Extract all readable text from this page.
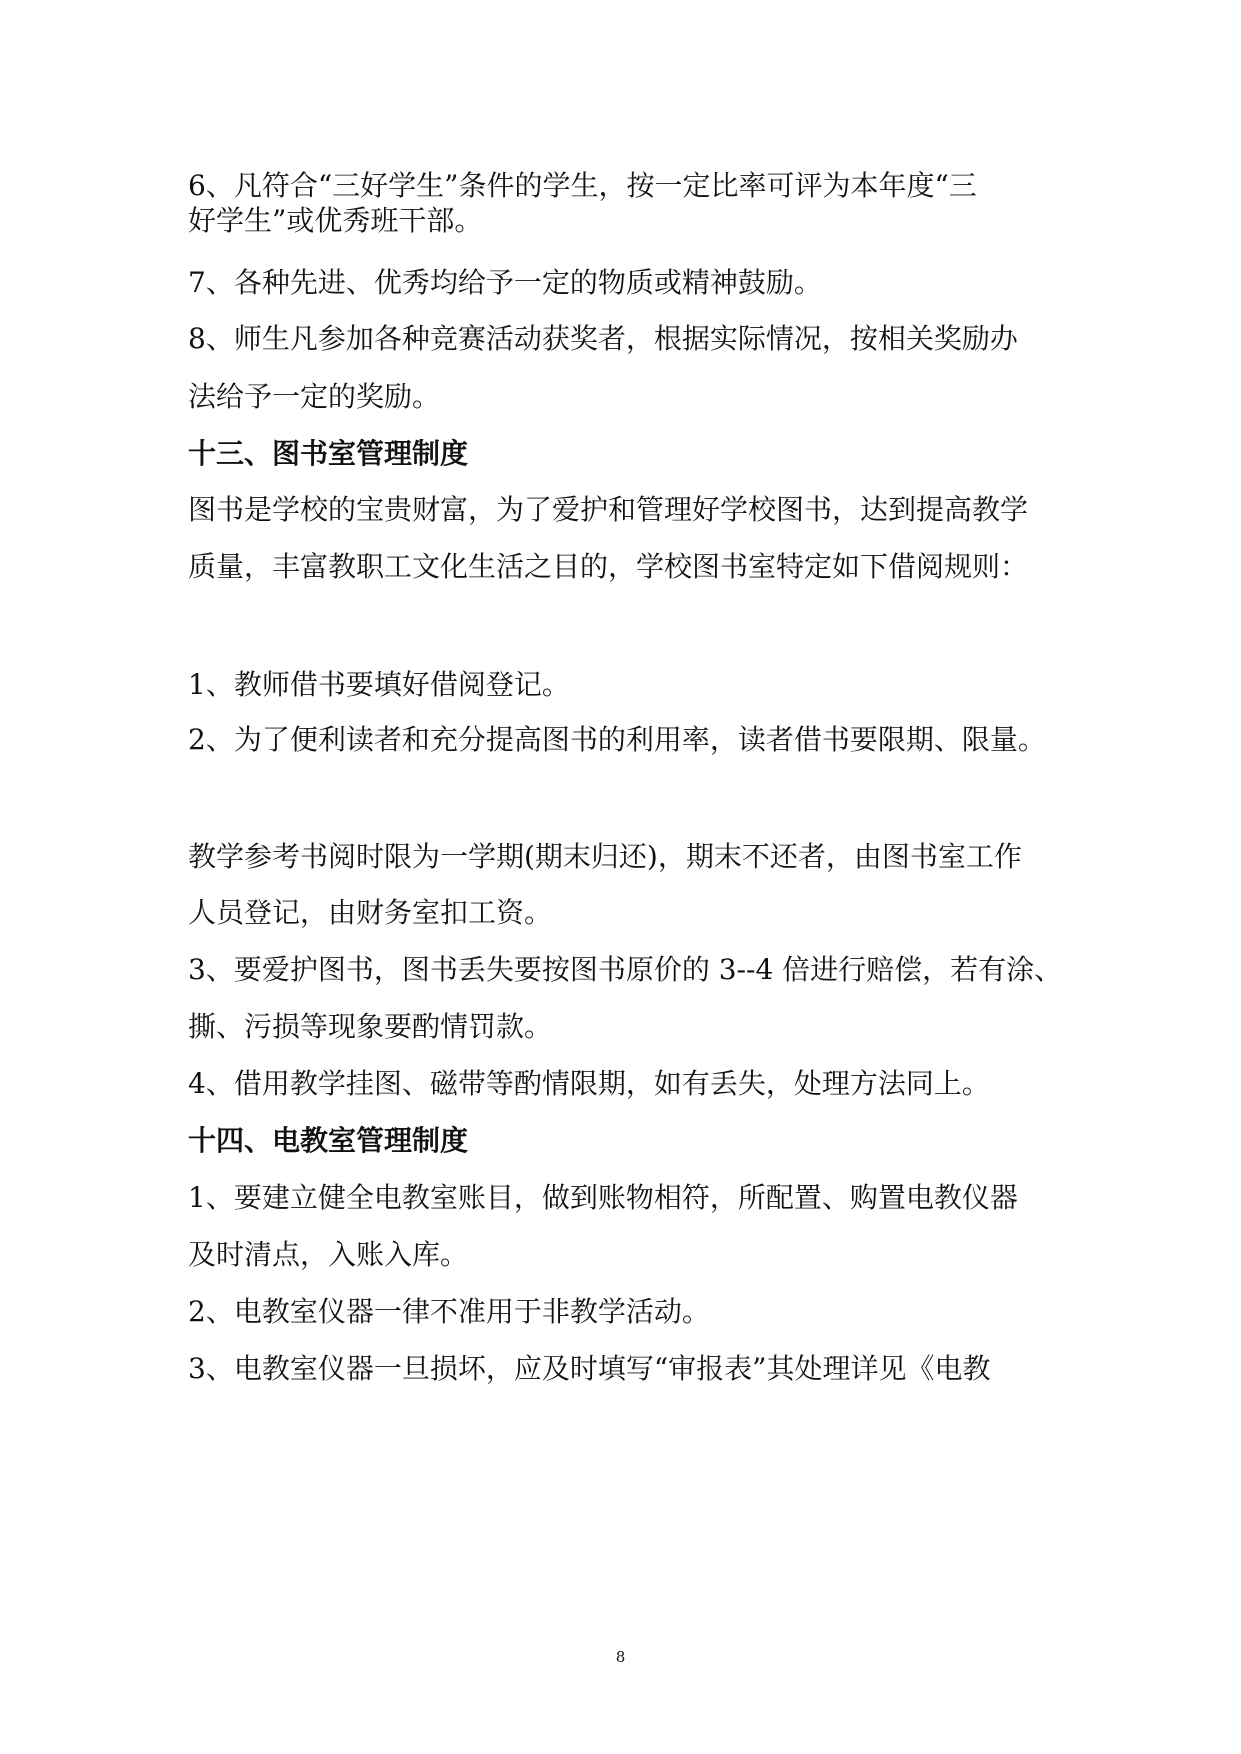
6、凡符合“三好学生”条件的学生，按一定比率可评为本年度“三
好学生”或优秀班干部。
7、各种先进、优秀均给予一定的物质或精神鼓励。
8、师生凡参加各种竞赛活动获奖者，根据实际情况，按相关奖励办
法给予一定的奖励。
十三、图书室管理制度
图书是学校的宝贵财富，为了爱护和管理好学校图书，达到提高教学
质量，丰富教职工文化生活之目的，学校图书室特定如下借阅规则：
1、教师借书要填好借阅登记。
2、为了便利读者和充分提高图书的利用率，读者借书要限期、限量。
教学参考书阅时限为一学期(期末归还)，期末不还者，由图书室工作
人员登记，由财务室扣工资。
3、要爱护图书，图书丢失要按图书原价的 3--4 倍进行赔偿，若有涂、
撕、污损等现象要酌情罚款。
4、借用教学挂图、磁带等酌情限期，如有丢失，处理方法同上。
十四、电教室管理制度
1、要建立健全电教室账目，做到账物相符，所配置、购置电教仪器
及时清点，入账入库。
2、电教室仪器一律不准用于非教学活动。
3、电教室仪器一旦损坏，应及时填写“审报表”其处理详见《电教
8
